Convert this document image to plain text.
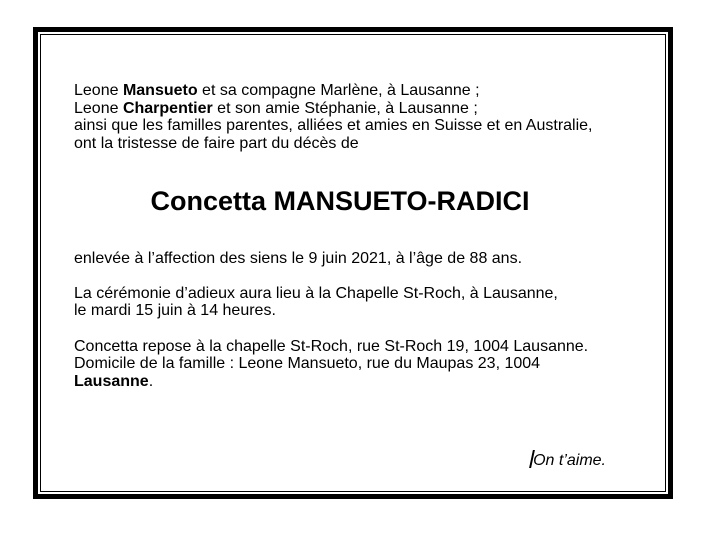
Leone Mansueto et sa compagne Marlène, à Lausanne ;
Leone Charpentier et son amie Stéphanie, à Lausanne ;
ainsi que les familles parentes, alliées et amies en Suisse et en Australie,
ont la tristesse de faire part du décès de

Concetta MANSUETO-RADICI

enlevée à l’affection des siens le 9 juin 2021, à l’âge de 88 ans.

La cérémonie d’adieux aura lieu à la Chapelle St-Roch, à Lausanne,
le mardi 15 juin à 14 heures.

Concetta repose à la chapelle St-Roch, rue St-Roch 19, 1004 Lausanne.
Domicile de la famille : Leone Mansueto, rue du Maupas 23, 1004
Lausanne.

On t’aime.
